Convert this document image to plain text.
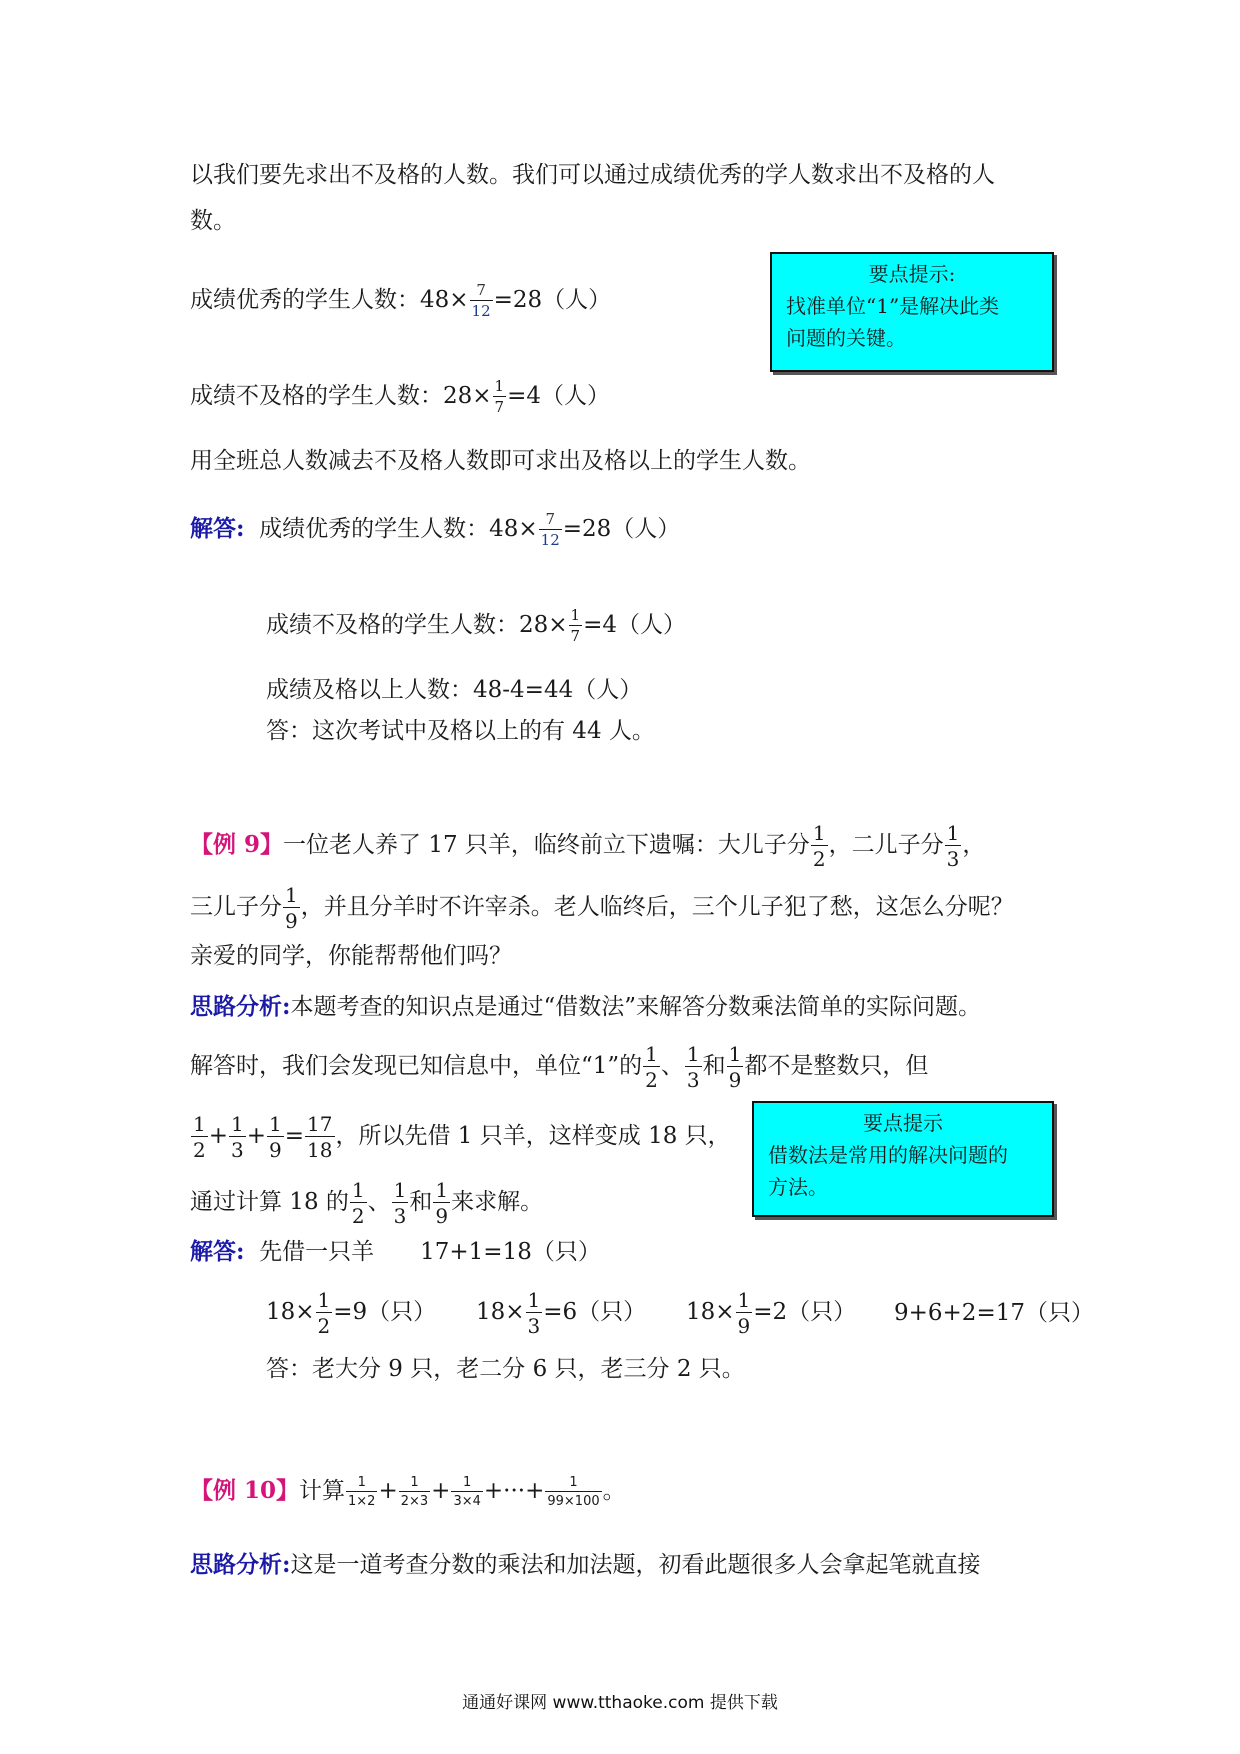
以我们要先求出不及格的人数。我们可以通过成绩优秀的学人数求出不及格的人
数。
成绩优秀的学生人数：$48\times \frac{7}{12} =28$（人）
要点提示:
找准单位“1”是解决此类
问题的关键。
成绩不及格的学生人数：$28\times \frac{1}{7} =4$（人）
用全班总人数减去不及格人数即可求出及格以上的学生人数。
解答: 成绩优秀的学生人数：$48\times \frac{7}{12} =28$（人）
成绩不及格的学生人数：$28\times \frac{1}{7} =4$（人）
成绩及格以上人数：48-4=44（人）
答：这次考试中及格以上的有 44 人。
【例 9】一位老人养了 17 只羊，临终前立下遗嘱：大儿子分 $\frac{1}{2}$ ，二儿子分 $\frac{1}{3}$ ，
三儿子分 $\frac{1}{9}$ ，并且分羊时不许宰杀。老人临终后，三个儿子犯了愁，这怎么分呢？
亲爱的同学，你能帮帮他们吗？
思路分析:本题考查的知识点是通过“借数法”来解答分数乘法简单的实际问题。
解答时，我们会发现已知信息中，单位“1”的 $\frac{1}{2}$ 、 $\frac{1}{3}$ 和 $\frac{1}{9}$ 都不是整数只，但
$\frac{1}{2} + \frac{1}{3} + \frac{1}{9} = \frac{17}{18}$ ，所以先借 1 只羊，这样变成 18 只，	要点提示
借数法是常用的解决问题的
方法。
通过计算 18 的 $\frac{1}{2}$ 、 $\frac{1}{3}$ 和 $\frac{1}{9}$ 来求解。
解答: 先借一只羊　　17+1=18（只）
$18\times \frac{1}{2} =9$（只） $18\times \frac{1}{3} =6$（只） $18\times \frac{1}{9} =2$（只） 9+6+2=17（只）
答：老大分 9 只，老二分 6 只，老三分 2 只。
【例 10】计算 $\frac{1}{1\times 2} + \frac{1}{2\times 3} + \frac{1}{3\times 4}$ +···+ $\frac{1}{99\times 100}$ 。
思路分析:这是一道考查分数的乘法和加法题，初看此题很多人会拿起笔就直接
通通好课网 www.tthaoke.com 提供下载
